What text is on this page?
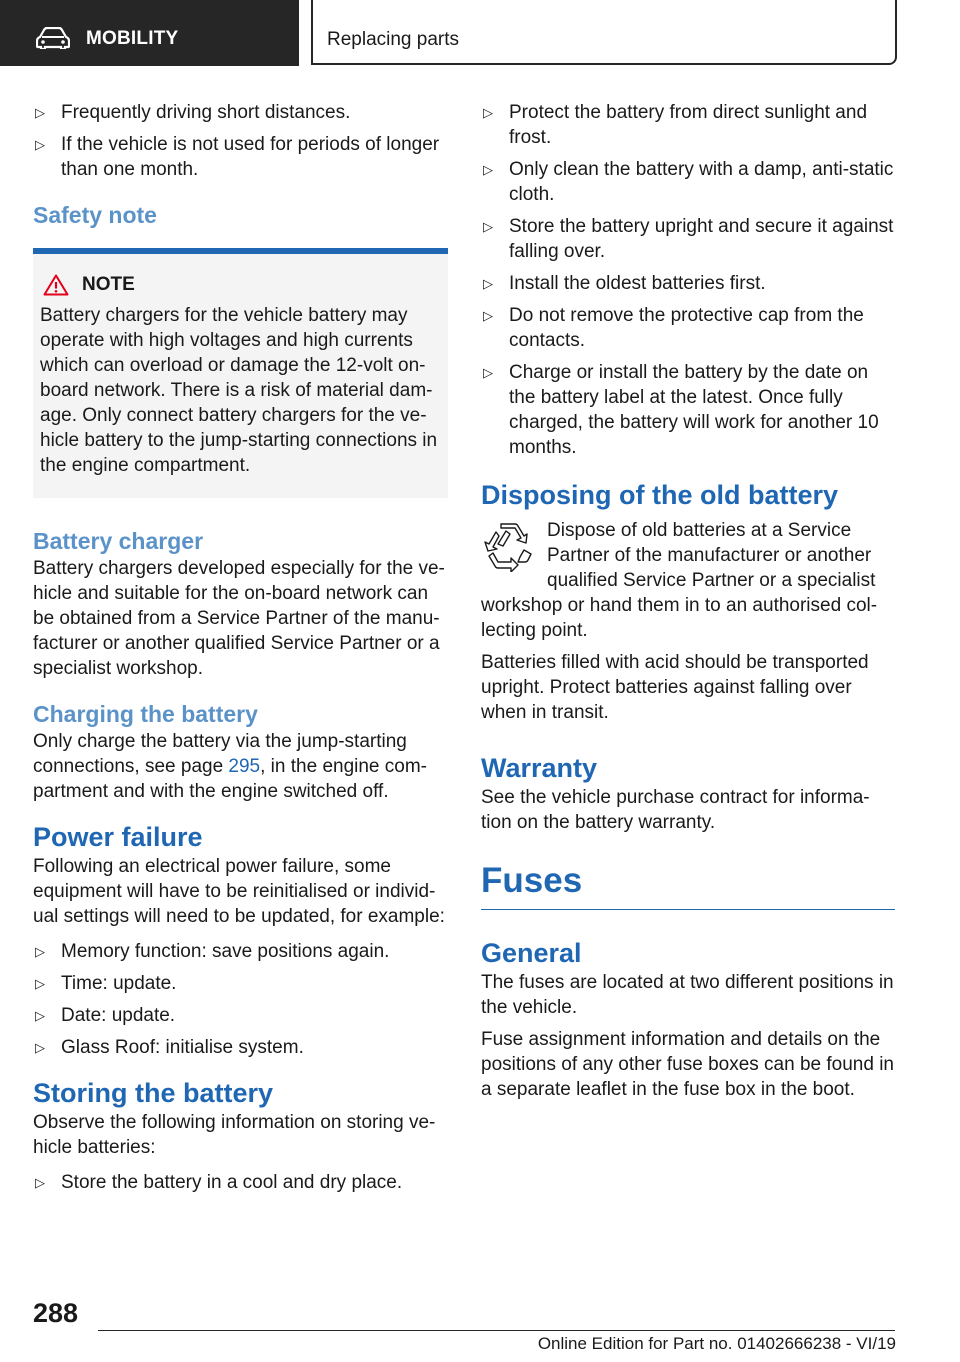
MOBILITY	Replacing parts
▷ Frequently driving short distances.
▷ If the vehicle is not used for periods of longer than one month.
Safety note
NOTE

Battery chargers for the vehicle battery may operate with high voltages and high currents which can overload or damage the 12-volt on-board network. There is a risk of material dam-age. Only connect battery chargers for the ve-hicle battery to the jump-starting connections in the engine compartment.

Battery charger

Battery chargers developed especially for the ve-hicle and suitable for the on-board network can be obtained from a Service Partner of the manu-facturer or another qualified Service Partner or a specialist workshop.

Charging the battery

Only charge the battery via the jump-starting connections, see page 295, in the engine com-partment and with the engine switched off.

Power failure

Following an electrical power failure, some equipment will have to be reinitialised or individ-ual settings will need to be updated, for example:

▷ Memory function: save positions again.
▷ Time: update.
▷ Date: update.
▷ Glass Roof: initialise system.
Storing the battery

Observe the following information on storing ve-hicle batteries:

▷ Store the battery in a cool and dry place.
▷ Protect the battery from direct sunlight and frost.
▷ Only clean the battery with a damp, anti-static cloth.
▷ Store the battery upright and secure it against falling over.
▷ Install the oldest batteries first.
▷ Do not remove the protective cap from the contacts.
▷ Charge or install the battery by the date on the battery label at the latest. Once fully charged, the battery will work for another 10 months.
Disposing of the old battery

Dispose of old batteries at a Service Partner of the manufacturer or another qualified Service Partner or a specialist workshop or hand them in to an authorised col-lecting point.

Batteries filled with acid should be transported upright. Protect batteries against falling over when in transit.

Warranty

See the vehicle purchase contract for informa-tion on the battery warranty.

Fuses
General

The fuses are located at two different positions in the vehicle.

Fuse assignment information and details on the positions of any other fuse boxes can be found in a separate leaflet in the fuse box in the boot.

288
Online Edition for Part no. 01402666238 - VI/19
